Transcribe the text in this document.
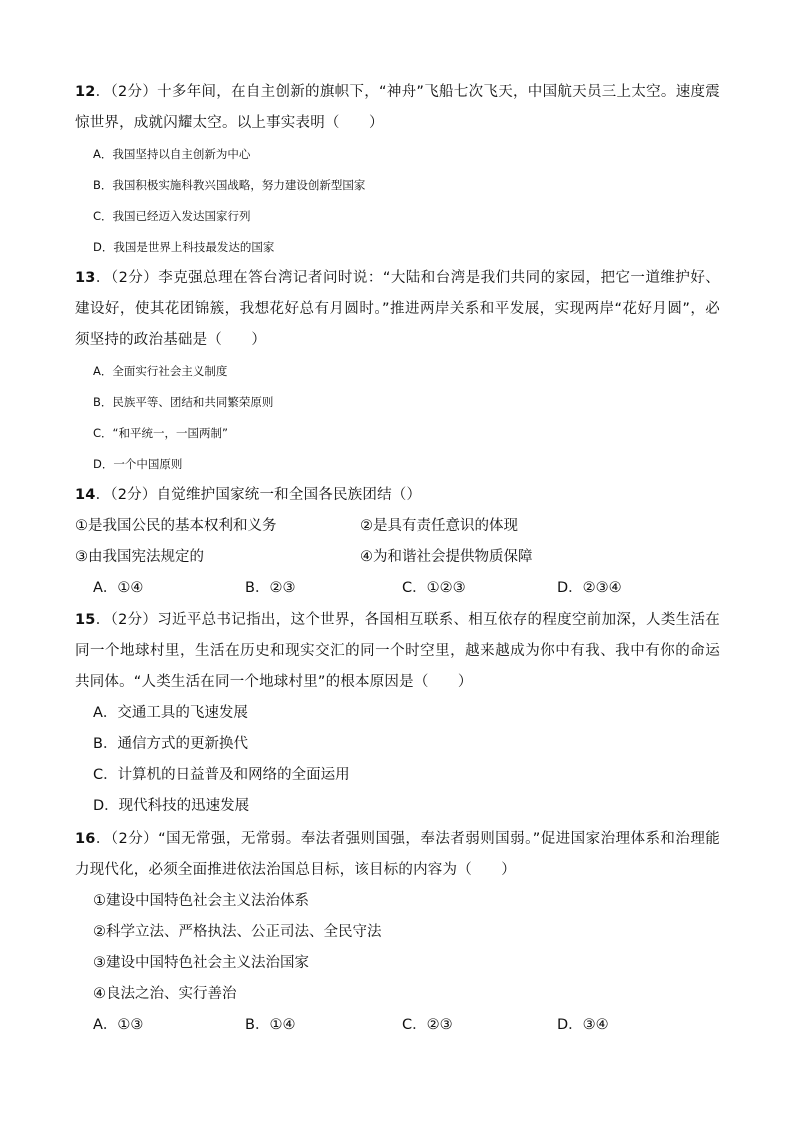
12．（2分）十多年间，在自主创新的旗帜下，“神舟”飞船七次飞天，中国航天员三上太空。速度震惊世界，成就闪耀太空。以上事实表明（　　）

A．我国坚持以自主创新为中心
B．我国积极实施科教兴国战略，努力建设创新型国家
C．我国已经迈入发达国家行列
D．我国是世界上科技最发达的国家

13．（2分）李克强总理在答台湾记者问时说：“大陆和台湾是我们共同的家园，把它一道维护好、建设好，使其花团锦簇，我想花好总有月圆时。”推进两岸关系和平发展，实现两岸“花好月圆”，必须坚持的政治基础是（　　）

A．全面实行社会主义制度
B．民族平等、团结和共同繁荣原则
C．“和平统一，一国两制”
D．一个中国原则

14．（2分）自觉维护国家统一和全国各民族团结（）

①是我国公民的基本权利和义务	②是具有责任意识的体现
③由我国宪法规定的	④为和谐社会提供物质保障
A．①④	B．②③	C．①②③	D．②③④

15．（2分）习近平总书记指出，这个世界，各国相互联系、相互依存的程度空前加深，人类生活在同一个地球村里，生活在历史和现实交汇的同一个时空里，越来越成为你中有我、我中有你的命运共同体。“人类生活在同一个地球村里”的根本原因是（　　）

A．交通工具的飞速发展
B．通信方式的更新换代
C．计算机的日益普及和网络的全面运用
D．现代科技的迅速发展

16．（2分）“国无常强，无常弱。奉法者强则国强，奉法者弱则国弱。”促进国家治理体系和治理能力现代化，必须全面推进依法治国总目标，该目标的内容为（　　）

①建设中国特色社会主义法治体系
②科学立法、严格执法、公正司法、全民守法
③建设中国特色社会主义法治国家
④良法之治、实行善治
A．①③	B．①④	C．②③	D．③④
